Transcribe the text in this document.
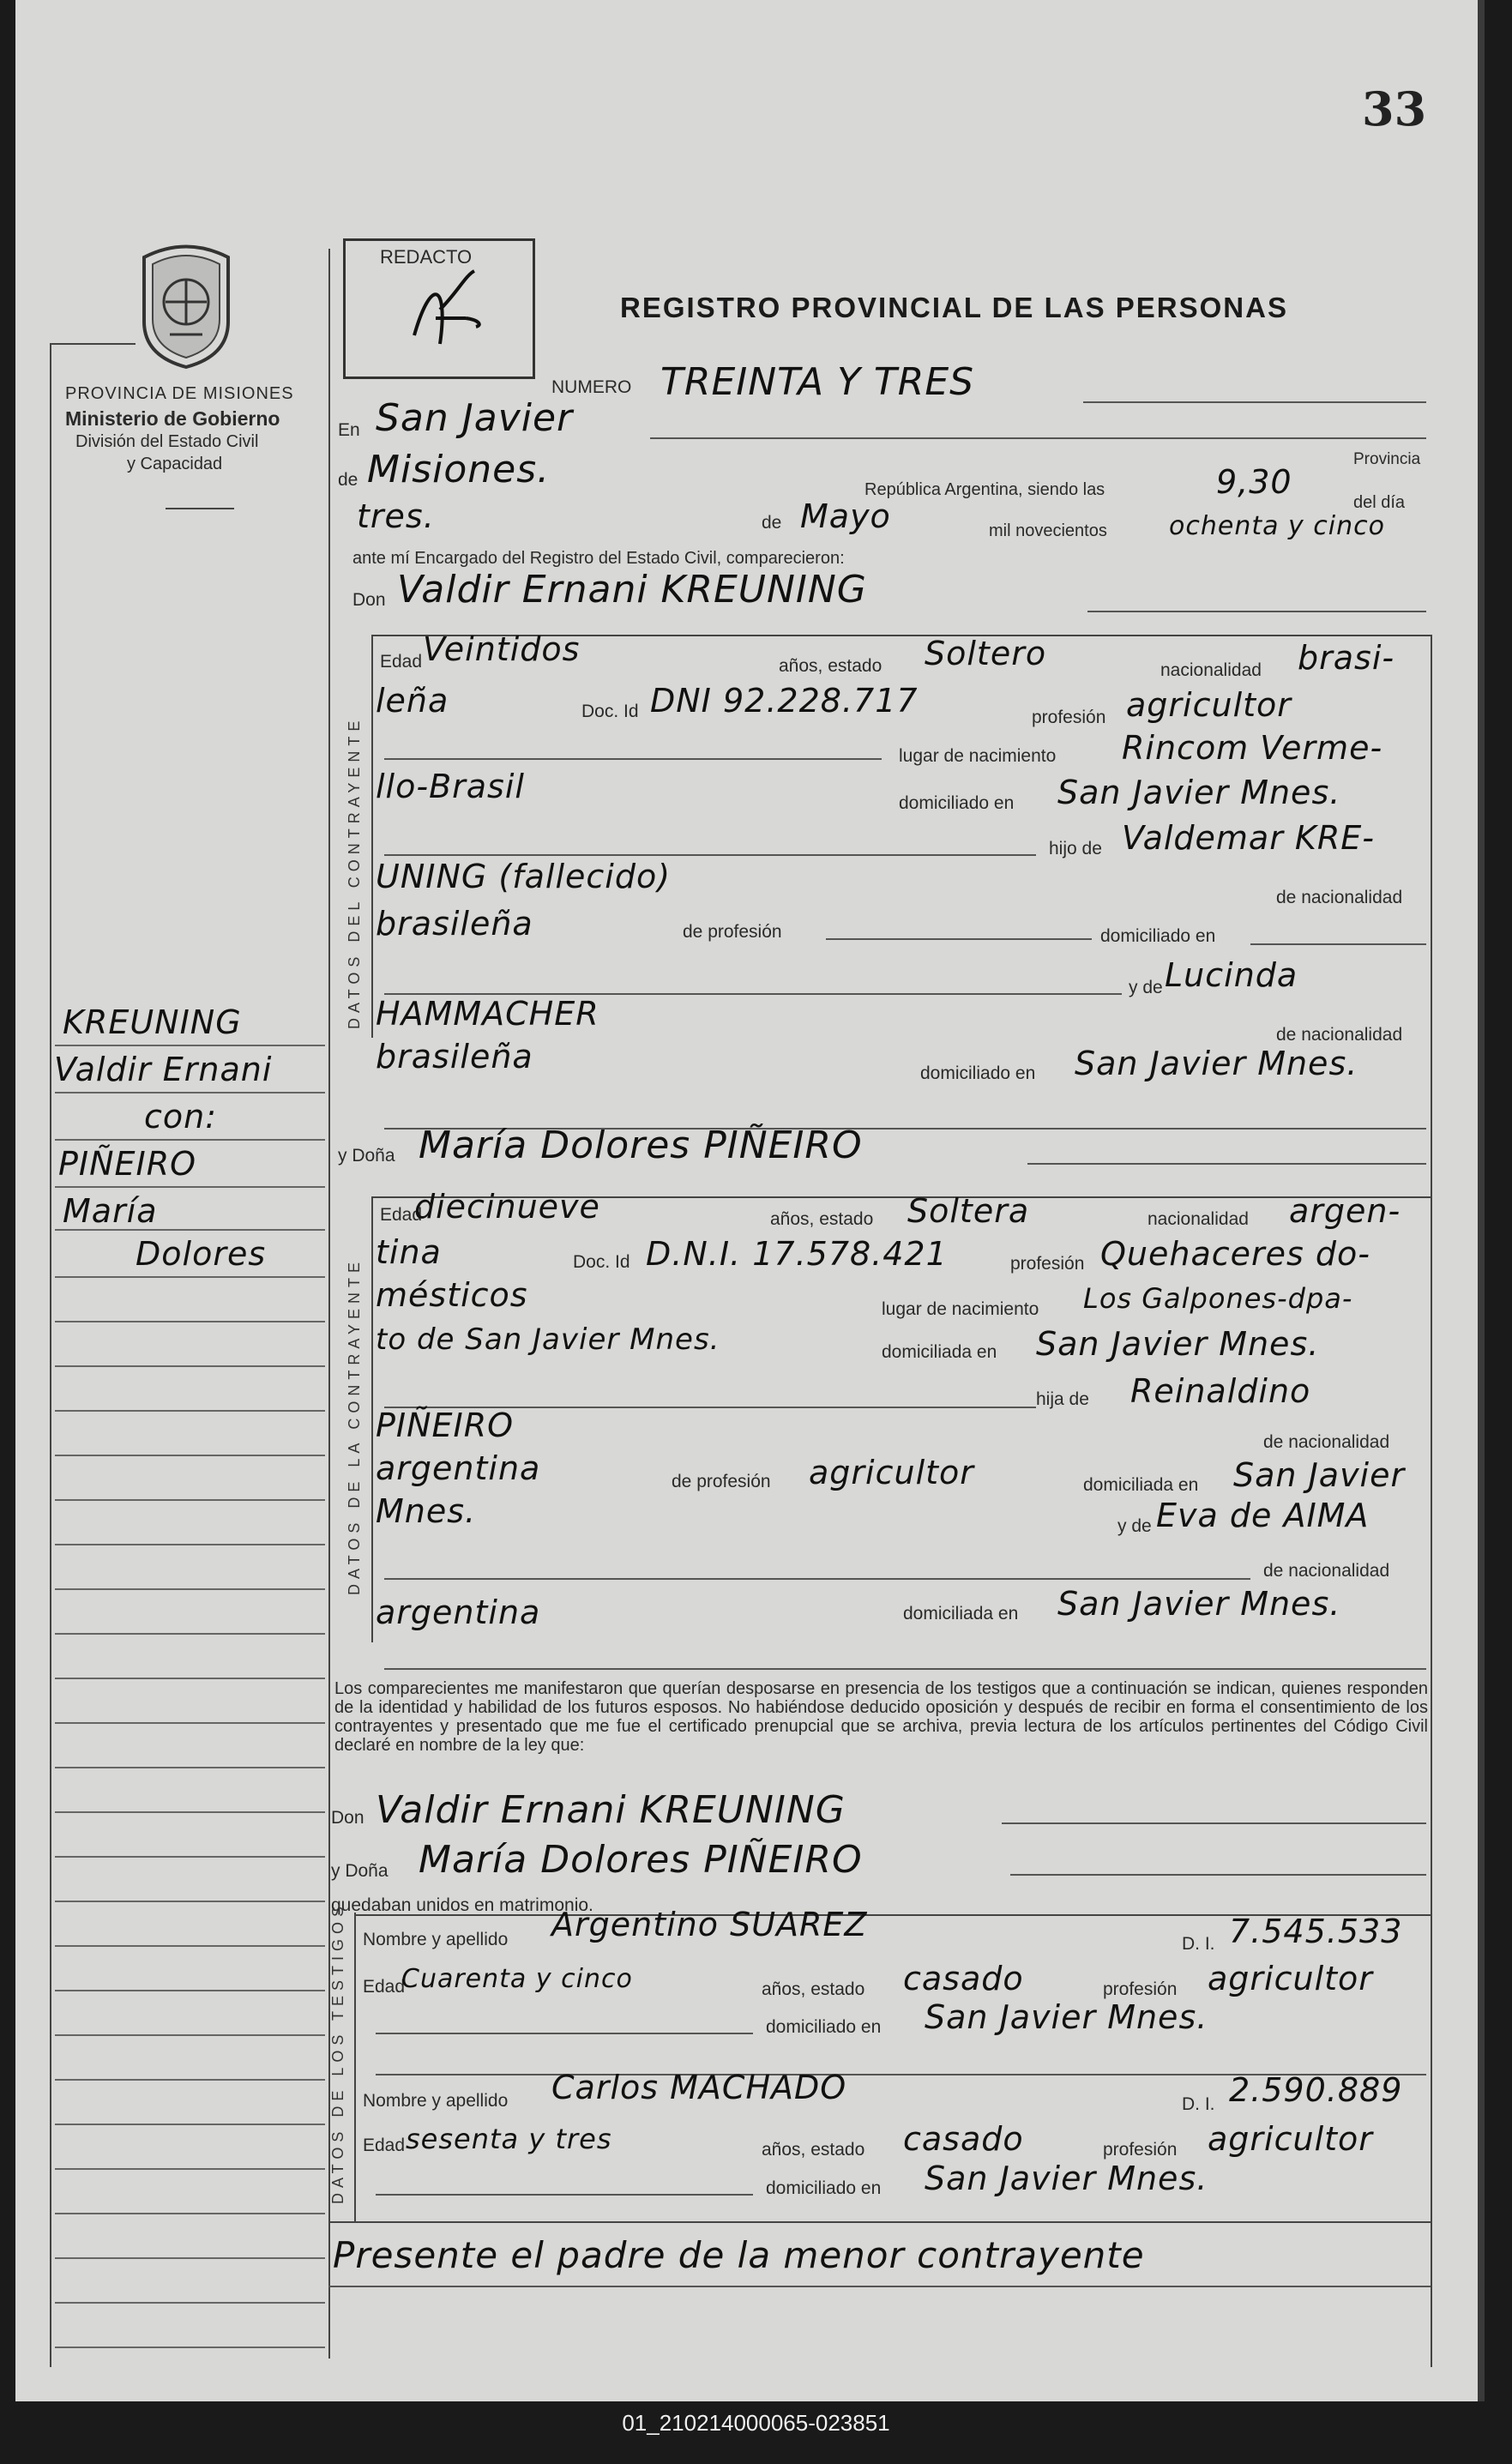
33
PROVINCIA DE MISIONES
Ministerio de Gobierno
División del Estado Civil
y Capacidad
REDACTO
REGISTRO PROVINCIAL DE LAS PERSONAS
NUMERO TREINTA Y TRES
En San Javier
Provincia
de Misiones.	República Argentina, siendo las	9,30
del día
tres.	de Mayo	mil novecientos ochenta y cinco
ante mí Encargado del Registro del Estado Civil, comparecieron:
Don Valdir Ernani KREUNING
DATOS DEL CONTRAYENTE
Edad Veintidos	años, estado Soltero	nacionalidad brasi-
leña	Doc. Id DNI 92.228.717	profesión agricultor
lugar de nacimiento Rincom Verme-
llo-Brasil	domiciliado en San Javier Mnes.
hijo de Valdemar KRE-
UNING (fallecido)
de nacionalidad
brasileña	de profesión	domiciliado en
y de Lucinda
HAMMACHER
de nacionalidad
brasileña	domiciliado en San Javier Mnes.
y Doña María Dolores PIÑEIRO
DATOS DE LA CONTRAYENTE
Edad
diecinueve	años, estado Soltera	nacionalidad argen-
tina	Doc. Id D.N.I. 17.578.421	profesión Quehaceres do-
mésticos	lugar de nacimiento Los Galpones-dpa-
to de San Javier Mnes.	domiciliada en San Javier Mnes.
hija de Reinaldino
PIÑEIRO	de nacionalidad
argentina	de profesión agricultor	domiciliada en San Javier
Mnes.	y de Eva de AIMA
de nacionalidad
argentina	domiciliada en San Javier Mnes.
Los comparecientes me manifestaron que querían desposarse en presencia de los testigos que a continuación se indican, quienes responden de la identidad y habilidad de los futuros esposos. No habiéndose deducido oposición y después de recibir en forma el consentimiento de los contrayentes y presentado que me fue el certificado prenupcial que se archiva, previa lectura de los artículos pertinentes del Código Civil declaré en nombre de la ley que:
Don Valdir Ernani KREUNING
y Doña María Dolores PIÑEIRO
quedaban unidos en matrimonio.
DATOS DE LOS TESTIGOS Nombre y apellido Argentino SUAREZ
D. I. 7.545.533
Edad
Cuarenta y cinco	años, estado casado	profesión agricultor
domiciliado en San Javier Mnes.
Nombre y apellido Carlos MACHADO	D. I. 2.590.889
Edad sesenta y tres	años, estado casado	profesión agricultor
domiciliado en San Javier Mnes.
Presente el padre de la menor contrayente
KREUNING
Valdir Ernani
con:
PIÑEIRO
María
Dolores
01_210214000065-023851
